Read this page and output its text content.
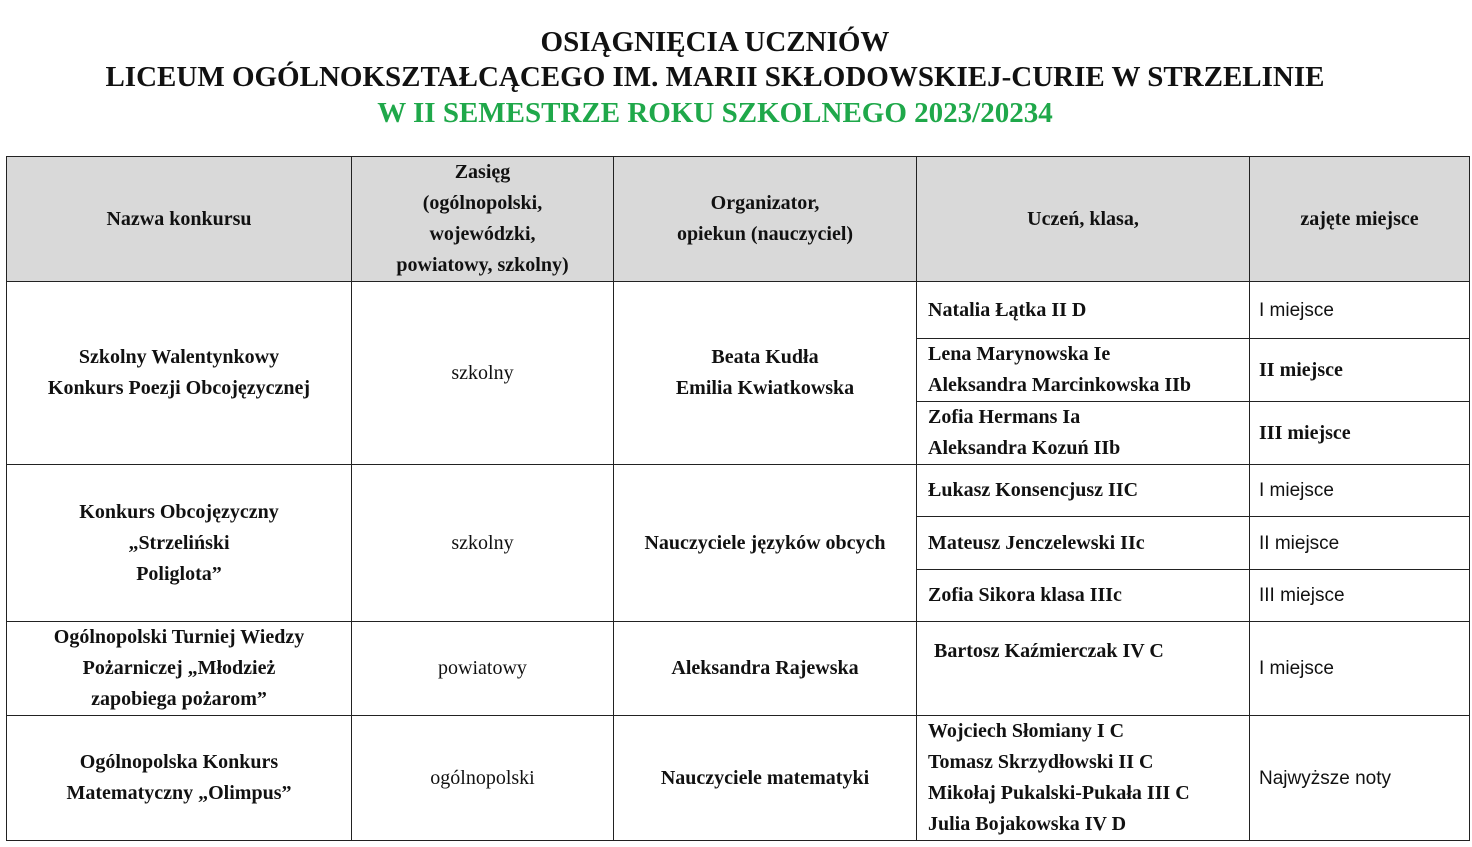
OSIĄGNIĘCIA UCZNIÓW
LICEUM OGÓLNOKSZTAŁCĄCEGO IM. MARII SKŁODOWSKIEJ-CURIE W STRZELINIE
W II SEMESTRZE ROKU SZKOLNEGO 2023/20234
Nazwa konkursu	Zasięg
(ogólnopolski,
wojewódzki,
powiatowy, szkolny)	Organizator,
opiekun (nauczyciel)	Uczeń, klasa,	zajęte miejsce

Szkolny Walentynkowy
Konkurs Poezji Obcojęzycznej	szkolny	Beata Kudła
Emilia Kwiatkowska	Natalia Łątka II D	I miejsce

			Lena Marynowska Ie
Aleksandra Marcinkowska IIb	II miejsce

			Zofia Hermans Ia
Aleksandra Kozuń IIb	III miejsce

Konkurs Obcojęzyczny
„Strzeliński
Poliglota”	szkolny	Nauczyciele języków obcych	Łukasz Konsencjusz IIC	I miejsce

			Mateusz Jenczelewski IIc	II miejsce

			Zofia Sikora klasa IIIc	III miejsce

Ogólnopolski Turniej Wiedzy
Pożarniczej „Młodzież
zapobiega pożarom”	powiatowy	Aleksandra Rajewska	Bartosz Kaźmierczak IV C	I miejsce

Ogólnopolska Konkurs
Matematyczny „Olimpus”	ogólnopolski	Nauczyciele matematyki	Wojciech Słomiany I C
Tomasz Skrzydłowski II C
Mikołaj Pukalski-Pukała III C
Julia Bojakowska IV D	Najwyższe noty
